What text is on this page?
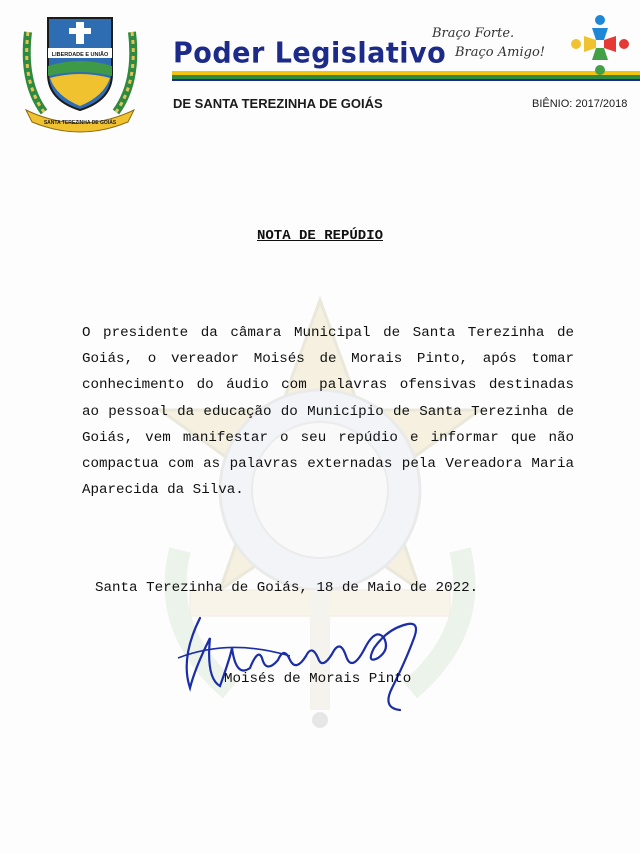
LIBERDADE E UNIÃO
SANTA TEREZINHA DE GOIÁS
Poder Legislativo
DE SANTA TEREZINHA DE GOIÁS	BIÊNIO: 2017/2018
Braço Forte.
Braço Amigo!
NOTA DE REPÚDIO
O presidente da câmara Municipal de Santa Terezinha de Goiás, o vereador Moisés de Morais Pinto, após tomar conhecimento do áudio com palavras ofensivas destinadas ao pessoal da educação do Município de Santa Terezinha de Goiás, vem manifestar o seu repúdio e informar que não compactua com as palavras externadas pela Vereadora Maria Aparecida da Silva.
Santa Terezinha de Goiás, 18 de Maio de 2022.
Moisés de Morais Pinto
